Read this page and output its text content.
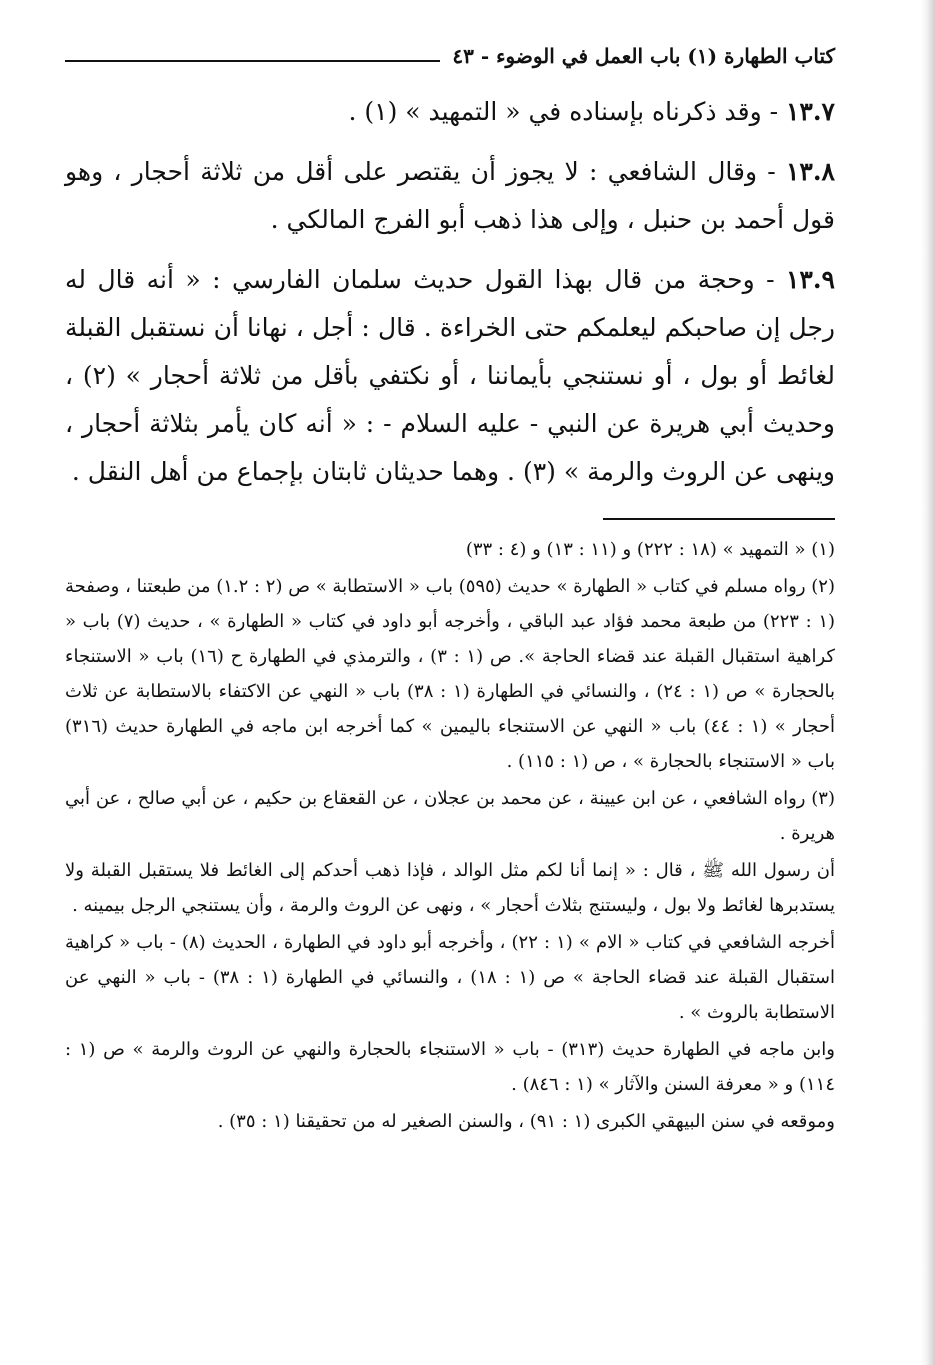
كتاب الطهارة (١) باب العمل في الوضوء - ٤٣

١٣.٧ - وقد ذكرناه بإسناده في « التمهيد » (١) .

١٣.٨ - وقال الشافعي : لا يجوز أن يقتصر على أقل من ثلاثة أحجار ، وهو قول أحمد بن حنبل ، وإلى هذا ذهب أبو الفرج المالكي .

١٣.٩ - وحجة من قال بهذا القول حديث سلمان الفارسي : « أنه قال له رجل إن صاحبكم ليعلمكم حتى الخراءة . قال : أجل ، نهانا أن نستقبل القبلة لغائط أو بول ، أو نستنجي بأيماننا ، أو نكتفي بأقل من ثلاثة أحجار » (٢) ، وحديث أبي هريرة عن النبي - عليه السلام - : « أنه كان يأمر بثلاثة أحجار ، وينهى عن الروث والرمة » (٣) . وهما حديثان ثابتان بإجماع من أهل النقل .

(١) « التمهيد » (١٨ : ٢٢٢) و (١١ : ١٣) و (٤ : ٣٣)

(٢) رواه مسلم في كتاب « الطهارة » حديث (٥٩٥) باب « الاستطابة » ص (٢ : ١.٢) من طبعتنا ، وصفحة (١ : ٢٢٣) من طبعة محمد فؤاد عبد الباقي ، وأخرجه أبو داود في كتاب « الطهارة » ، حديث (٧) باب « كراهية استقبال القبلة عند قضاء الحاجة ». ص (١ : ٣) ، والترمذي في الطهارة ح (١٦) باب « الاستنجاء بالحجارة » ص (١ : ٢٤) ، والنسائي في الطهارة (١ : ٣٨) باب « النهي عن الاكتفاء بالاستطابة عن ثلاث أحجار » (١ : ٤٤) باب « النهي عن الاستنجاء باليمين » كما أخرجه ابن ماجه في الطهارة حديث (٣١٦) باب « الاستنجاء بالحجارة » ، ص (١ : ١١٥) .

(٣) رواه الشافعي ، عن ابن عيينة ، عن محمد بن عجلان ، عن القعقاع بن حكيم ، عن أبي صالح ، عن أبي هريرة .

أن رسول الله ﷺ ، قال : « إنما أنا لكم مثل الوالد ، فإذا ذهب أحدكم إلى الغائط فلا يستقبل القبلة ولا يستدبرها لغائط ولا بول ، وليستنج بثلاث أحجار » ، ونهى عن الروث والرمة ، وأن يستنجي الرجل بيمينه .

أخرجه الشافعي في كتاب « الام » (١ : ٢٢) ، وأخرجه أبو داود في الطهارة ، الحديث (٨) - باب « كراهية استقبال القبلة عند قضاء الحاجة » ص (١ : ١٨) ، والنسائي في الطهارة (١ : ٣٨) - باب « النهي عن الاستطابة بالروث » .

وابن ماجه في الطهارة حديث (٣١٣) - باب « الاستنجاء بالحجارة والنهي عن الروث والرمة » ص (١ : ١١٤) و « معرفة السنن والآثار » (١ : ٨٤٦) .

وموقعه في سنن البيهقي الكبرى (١ : ٩١) ، والسنن الصغير له من تحقيقنا (١ : ٣٥) .
